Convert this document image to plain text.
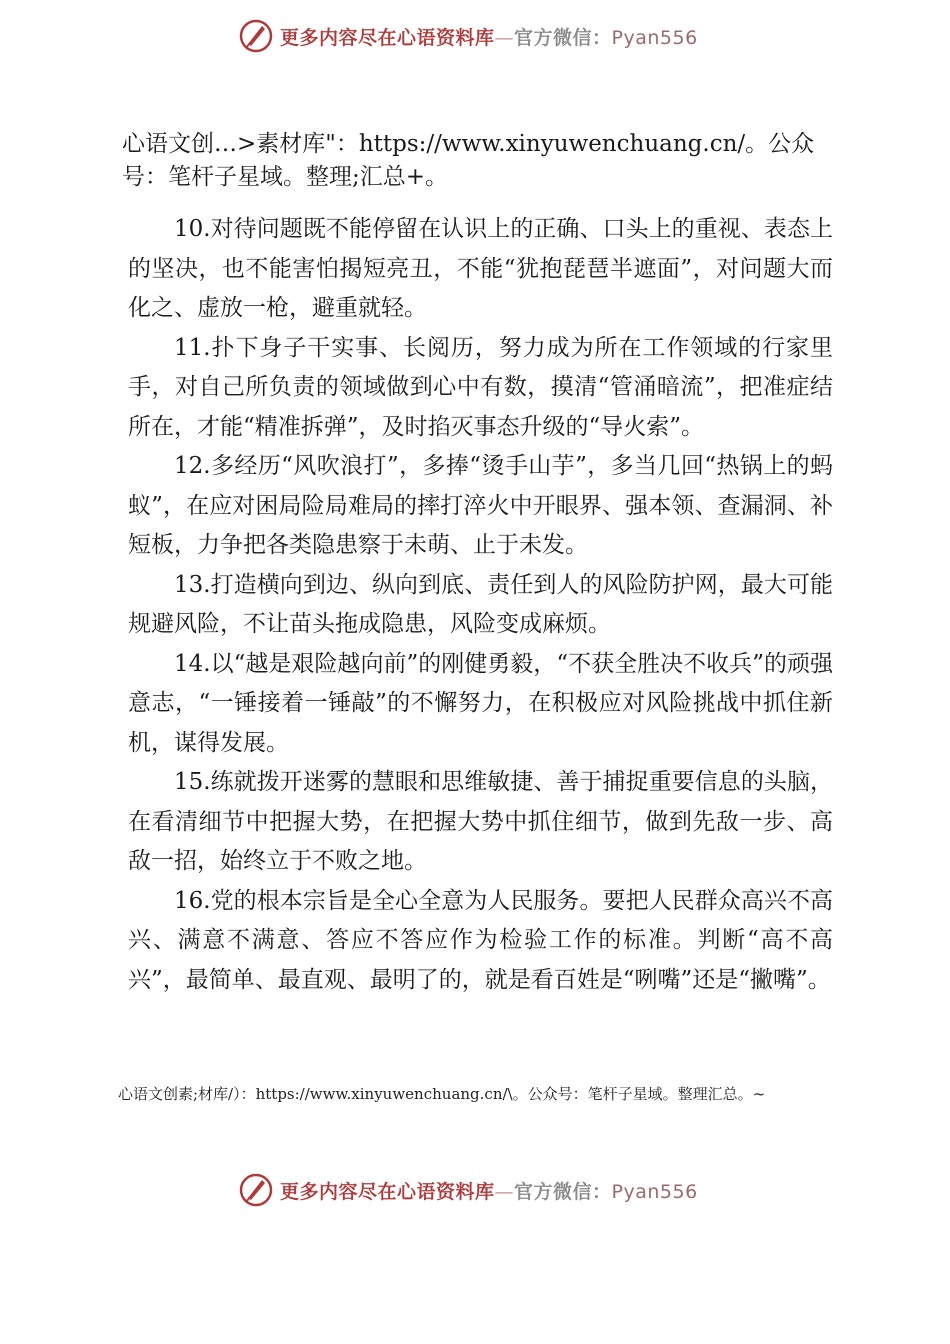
更多内容尽在心语资料库—官方微信：Pyan556
心语文创…>素材库"：https://www.xinyuwenchuang.cn/。公众号：笔杆子星域。整理;汇总+。

10.对待问题既不能停留在认识上的正确、口头上的重视、表态上的坚决，也不能害怕揭短亮丑，不能“犹抱琵琶半遮面”，对问题大而化之、虚放一枪，避重就轻。

11.扑下身子干实事、长阅历，努力成为所在工作领域的行家里手，对自己所负责的领域做到心中有数，摸清“管涌暗流”，把准症结所在，才能“精准拆弹”，及时掐灭事态升级的“导火索”。

12.多经历“风吹浪打”，多捧“烫手山芋”，多当几回“热锅上的蚂蚁”，在应对困局险局难局的摔打淬火中开眼界、强本领、查漏洞、补短板，力争把各类隐患察于未萌、止于未发。

13.打造横向到边、纵向到底、责任到人的风险防护网，最大可能规避风险，不让苗头拖成隐患，风险变成麻烦。

14.以“越是艰险越向前”的刚健勇毅，“不获全胜决不收兵”的顽强意志，“一锤接着一锤敲”的不懈努力，在积极应对风险挑战中抓住新机，谋得发展。

15.练就拨开迷雾的慧眼和思维敏捷、善于捕捉重要信息的头脑，在看清细节中把握大势，在把握大势中抓住细节，做到先敌一步、高敌一招，始终立于不败之地。

16.党的根本宗旨是全心全意为人民服务。要把人民群众高兴不高兴、满意不满意、答应不答应作为检验工作的标准。判断“高不高兴”，最简单、最直观、最明了的，就是看百姓是“咧嘴”还是“撇嘴”。

心语文创素;材库/）：https://www.xinyuwenchuang.cn/\。公众号：笔杆子星域。整理汇总。~
更多内容尽在心语资料库—官方微信：Pyan556
